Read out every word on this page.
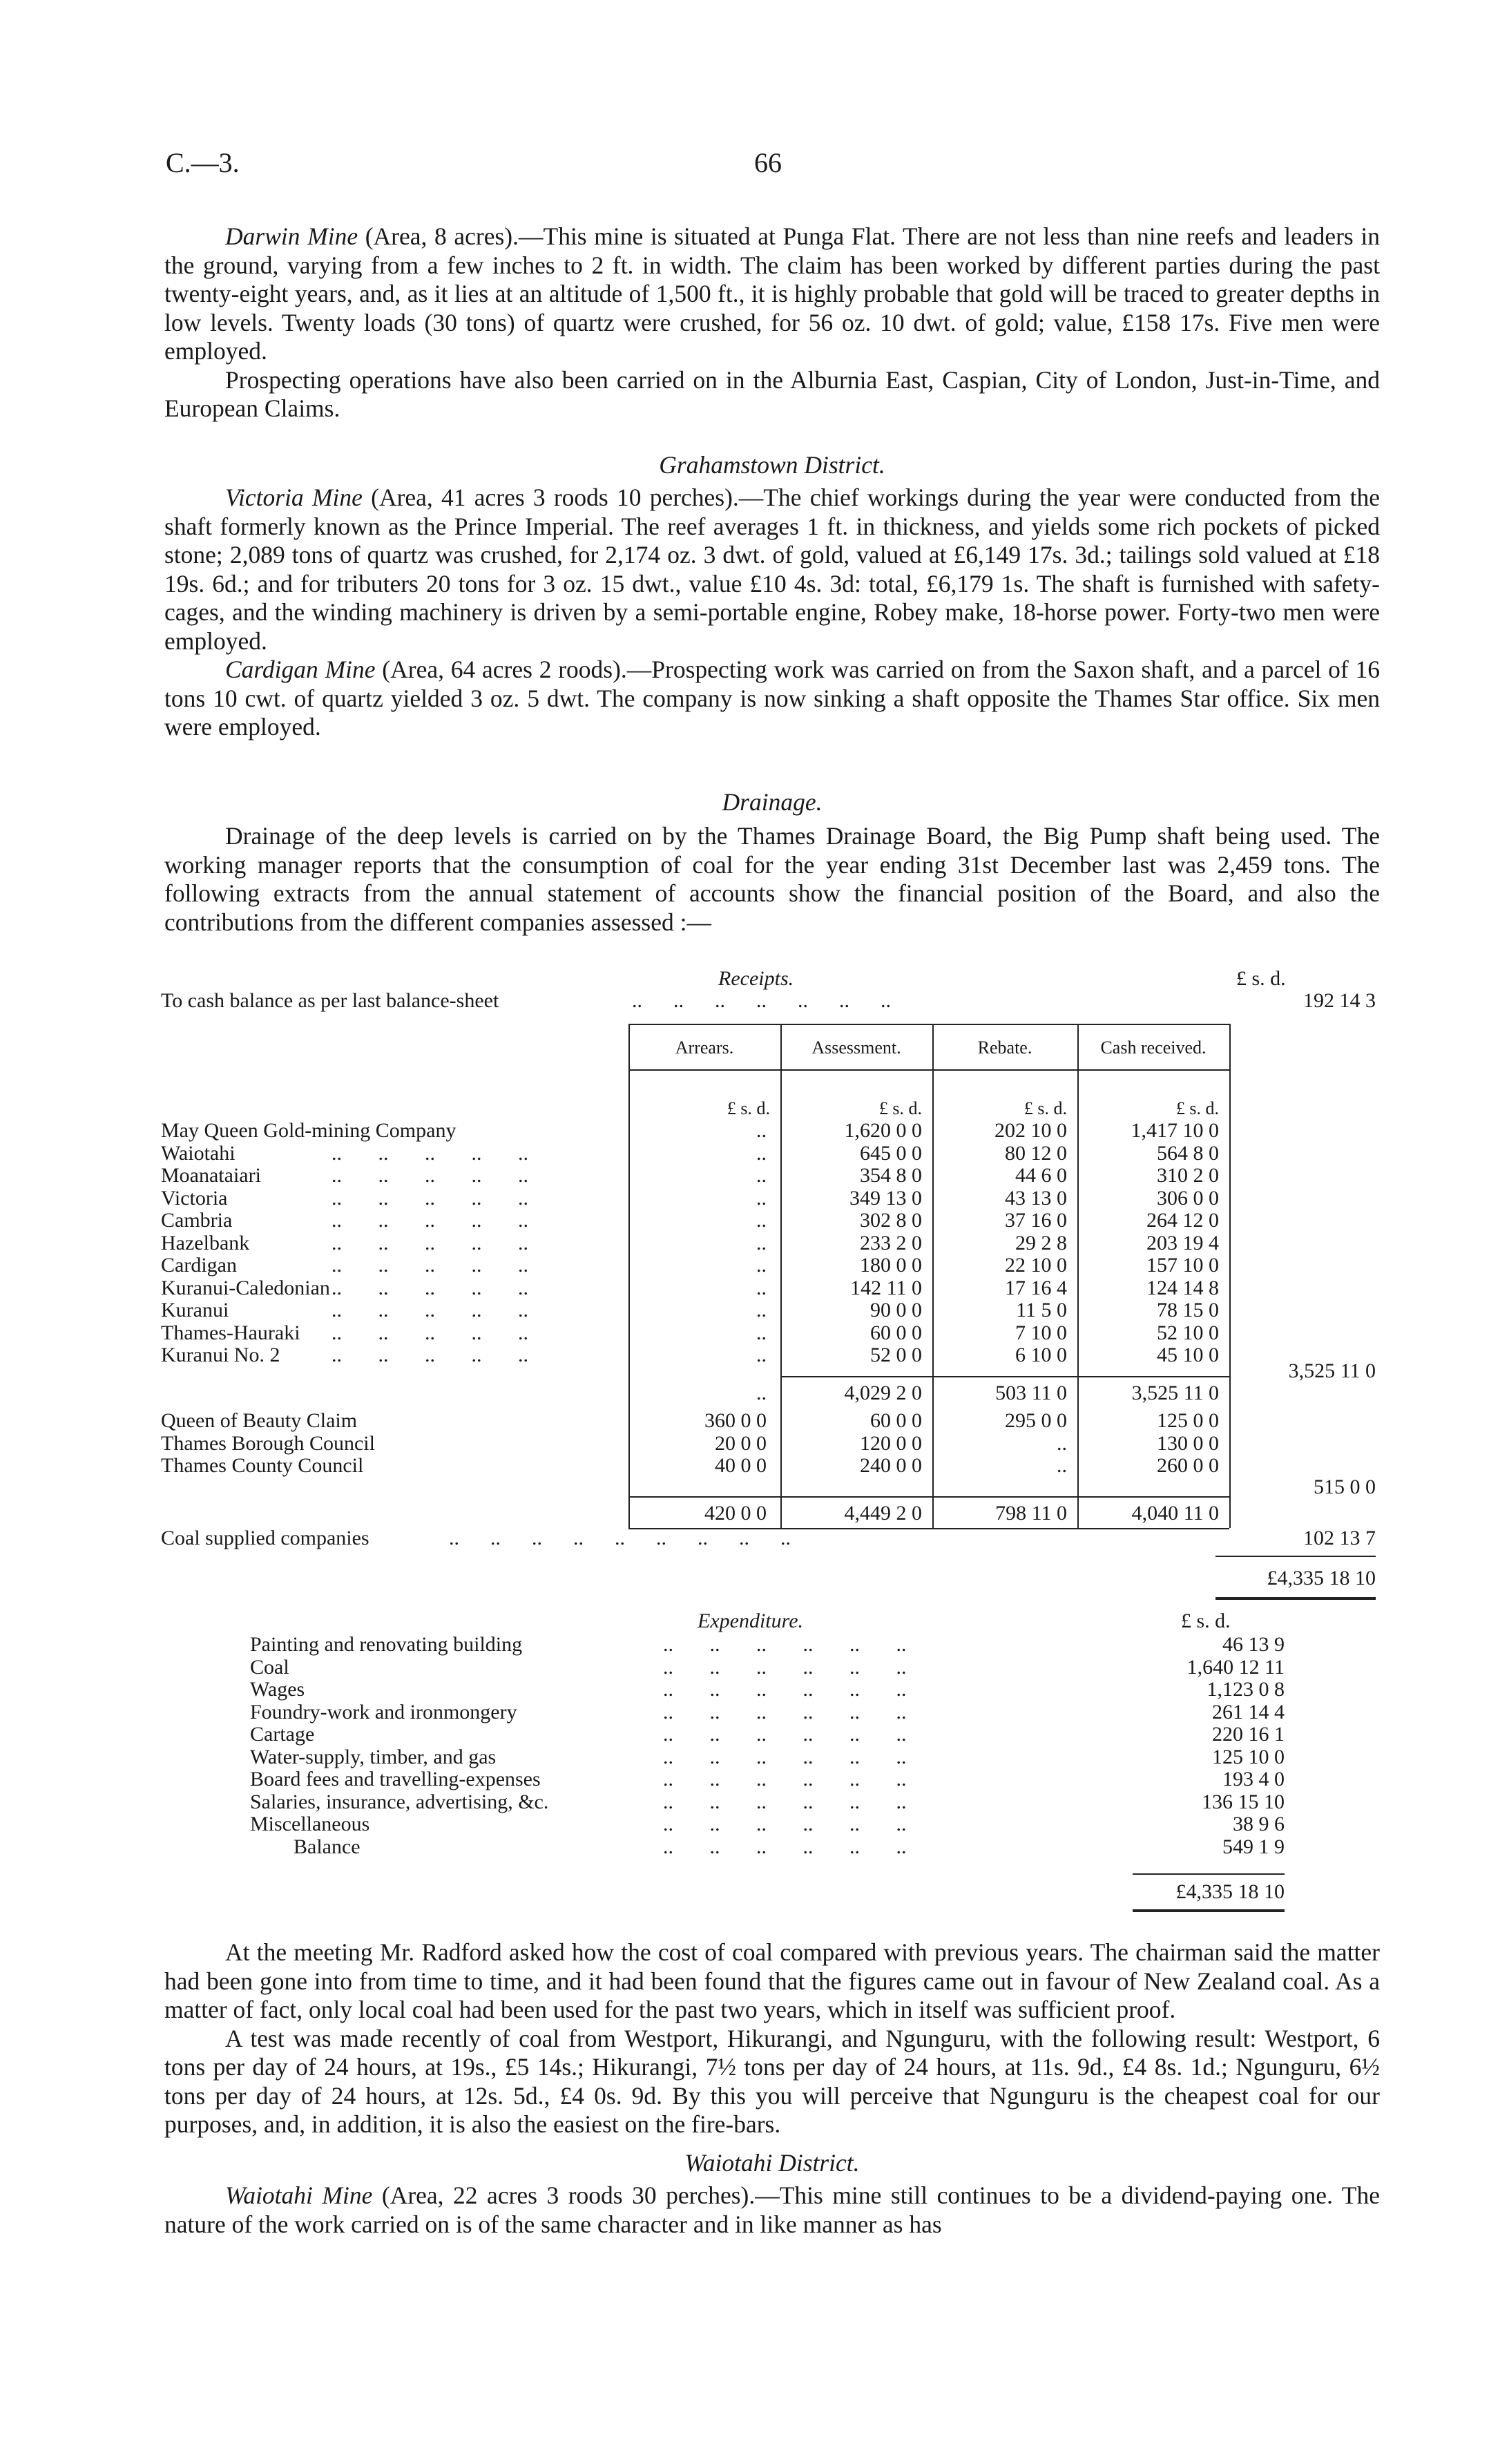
C.—3.	66

Darwin Mine (Area, 8 acres).—This mine is situated at Punga Flat. There are not less than nine reefs and leaders in the ground, varying from a few inches to 2 ft. in width. The claim has been worked by different parties during the past twenty-eight years, and, as it lies at an altitude of 1,500 ft., it is highly probable that gold will be traced to greater depths in low levels. Twenty loads (30 tons) of quartz were crushed, for 56 oz. 10 dwt. of gold; value, £158 17s. Five men were employed.

Prospecting operations have also been carried on in the Alburnia East, Caspian, City of London, Just-in-Time, and European Claims.

Grahamstown District.

Victoria Mine (Area, 41 acres 3 roods 10 perches).—The chief workings during the year were conducted from the shaft formerly known as the Prince Imperial. The reef averages 1 ft. in thickness, and yields some rich pockets of picked stone; 2,089 tons of quartz was crushed, for 2,174 oz. 3 dwt. of gold, valued at £6,149 17s. 3d.; tailings sold valued at £18 19s. 6d.; and for tributers 20 tons for 3 oz. 15 dwt., value £10 4s. 3d: total, £6,179 1s. The shaft is furnished with safety-cages, and the winding machinery is driven by a semi-portable engine, Robey make, 18-horse power. Forty-two men were employed.

Cardigan Mine (Area, 64 acres 2 roods).—Prospecting work was carried on from the Saxon shaft, and a parcel of 16 tons 10 cwt. of quartz yielded 3 oz. 5 dwt. The company is now sinking a shaft opposite the Thames Star office. Six men were employed.

Drainage.

Drainage of the deep levels is carried on by the Thames Drainage Board, the Big Pump shaft being used. The working manager reports that the consumption of coal for the year ending 31st December last was 2,459 tons. The following extracts from the annual statement of accounts show the financial position of the Board, and also the contributions from the different companies assessed :—

Receipts.	£ s. d.
To cash balance as per last balance-sheet	..      ..      ..      ..      ..      ..      ..	192 14 3
Arrears.	Assessment.	Rebate.	Cash received.
£ s. d.	£ s. d.	£ s. d.	£ s. d.
May Queen Gold-mining Company	..	1,620 0 0	202 10 0	1,417 10 0
Waiotahi	..	645 0 0	80 12 0	564 8 0
..       ..       ..       ..       ..
Moanataiari	..	354 8 0	44 6 0	310 2 0
..       ..       ..       ..       ..
Victoria	..	349 13 0	43 13 0	306 0 0
..       ..       ..       ..       ..
Cambria	..	302 8 0	37 16 0	264 12 0
..       ..       ..       ..       ..
Hazelbank	..	233 2 0	29 2 8	203 19 4
..       ..       ..       ..       ..
Cardigan	..	180 0 0	22 10 0	157 10 0
..       ..       ..       ..       ..
Kuranui-Caledonian	..	142 11 0	17 16 4	124 14 8
..       ..       ..       ..       ..
Kuranui	..	90 0 0	11 5 0	78 15 0
..       ..       ..       ..       ..
Thames-Hauraki	..	60 0 0	7 10 0	52 10 0
..       ..       ..       ..       ..
Kuranui No. 2	..	52 0 0	6 10 0	45 10 0
..       ..       ..       ..       ..
..	4,029 2 0	503 11 0	3,525 11 0
3,525 11 0
Queen of Beauty Claim	360 0 0	60 0 0	295 0 0	125 0 0
Thames Borough Council	20 0 0	120 0 0	..	130 0 0
Thames County Council	40 0 0	240 0 0	..	260 0 0
515 0 0
420 0 0	4,449 2 0	798 11 0	4,040 11 0
Coal supplied companies	..      ..      ..      ..      ..      ..      ..      ..      ..	102 13 7
£4,335 18 10
Expenditure.	£ s. d.
Painting and renovating building	..       ..       ..       ..       ..       ..	46 13 9
Coal	..       ..       ..       ..       ..       ..	1,640 12 11
Wages	..       ..       ..       ..       ..       ..	1,123 0 8
Foundry-work and ironmongery	..       ..       ..       ..       ..       ..	261 14 4
Cartage	..       ..       ..       ..       ..       ..	220 16 1
Water-supply, timber, and gas	..       ..       ..       ..       ..       ..	125 10 0
Board fees and travelling-expenses	..       ..       ..       ..       ..       ..	193 4 0
Salaries, insurance, advertising, &c.	..       ..       ..       ..       ..       ..	136 15 10
Miscellaneous	..       ..       ..       ..       ..       ..	38 9 6
Balance	..       ..       ..       ..       ..       ..	549 1 9
£4,335 18 10

At the meeting Mr. Radford asked how the cost of coal compared with previous years. The chairman said the matter had been gone into from time to time, and it had been found that the figures came out in favour of New Zealand coal. As a matter of fact, only local coal had been used for the past two years, which in itself was sufficient proof.

A test was made recently of coal from Westport, Hikurangi, and Ngunguru, with the following result: Westport, 6 tons per day of 24 hours, at 19s., £5 14s.; Hikurangi, 7½ tons per day of 24 hours, at 11s. 9d., £4 8s. 1d.; Ngunguru, 6½ tons per day of 24 hours, at 12s. 5d., £4 0s. 9d. By this you will perceive that Ngunguru is the cheapest coal for our purposes, and, in addition, it is also the easiest on the fire-bars.

Waiotahi District.

Waiotahi Mine (Area, 22 acres 3 roods 30 perches).—This mine still continues to be a dividend-paying one. The nature of the work carried on is of the same character and in like manner as has
